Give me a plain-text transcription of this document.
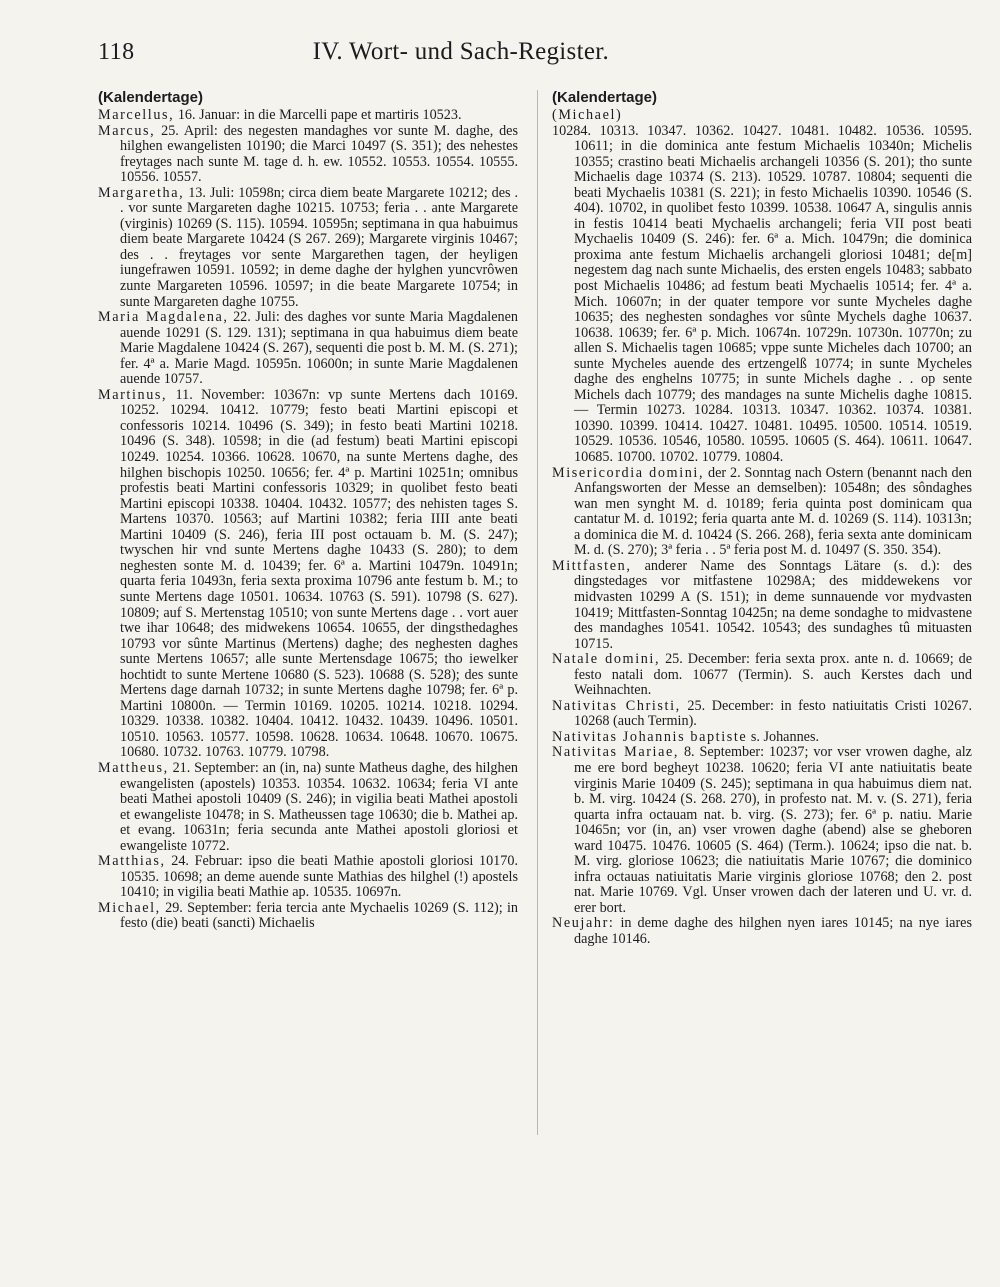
118	IV. Wort- und Sach-Register.
(Kalendertage)
Marcellus, 16. Januar: in die Marcelli pape et martiris 10523.
Marcus, 25. April: des negesten mandaghes vor sunte M. daghe, des hilghen ewangelisten 10190; die Marci 10497 (S. 351); des nehestes freytages nach sunte M. tage d. h. ew. 10552. 10553. 10554. 10555. 10556. 10557.
Margaretha, 13. Juli: 10598n; circa diem beate Margarete 10212; des . . vor sunte Margareten daghe 10215. 10753; feria . . ante Margarete (virginis) 10269 (S. 115). 10594. 10595n; septimana in qua habuimus diem beate Margarete 10424 (S 267. 269); Margarete virginis 10467; des . . freytages vor sente Margarethen tagen, der heyligen iungefrawen 10591. 10592; in deme daghe der hylghen yuncvrôwen zunte Margareten 10596. 10597; in die beate Margarete 10754; in sunte Margareten daghe 10755.
Maria Magdalena, 22. Juli: des daghes vor sunte Maria Magdalenen auende 10291 (S. 129. 131); septimana in qua habuimus diem beate Marie Magdalene 10424 (S. 267), sequenti die post b. M. M. (S. 271); fer. 4ª a. Marie Magd. 10595n. 10600n; in sunte Marie Magdalenen auende 10757.
Martinus, 11. November: 10367n: vp sunte Mertens dach 10169. 10252. 10294. 10412. 10779; festo beati Martini episcopi et confessoris 10214. 10496 (S. 349); in festo beati Martini 10218. 10496 (S. 348). 10598; in die (ad festum) beati Martini episcopi 10249. 10254. 10366. 10628. 10670, na sunte Mertens daghe, des hilghen bischopis 10250. 10656; fer. 4ª p. Martini 10251n; omnibus profestis beati Martini confessoris 10329; in quolibet festo beati Martini episcopi 10338. 10404. 10432. 10577; des nehisten tages S. Martens 10370. 10563; auf Martini 10382; feria IIII ante beati Martini 10409 (S. 246), feria III post octauam b. M. (S. 247); twyschen hir vnd sunte Mertens daghe 10433 (S. 280); to dem neghesten sonte M. d. 10439; fer. 6ª a. Martini 10479n. 10491n; quarta feria 10493n, feria sexta proxima 10796 ante festum b. M.; to sunte Mertens dage 10501. 10634. 10763 (S. 591). 10798 (S. 627). 10809; auf S. Mertenstag 10510; von sunte Mertens dage . . vort auer twe ihar 10648; des midwekens 10654. 10655, der dingsthedaghes 10793 vor sûnte Martinus (Mertens) daghe; des neghesten daghes sunte Mertens 10657; alle sunte Mertensdage 10675; tho iewelker hochtidt to sunte Mertene 10680 (S. 523). 10688 (S. 528); des sunte Mertens dage darnah 10732; in sunte Mertens daghe 10798; fer. 6ª p. Martini 10800n. — Termin 10169. 10205. 10214. 10218. 10294. 10329. 10338. 10382. 10404. 10412. 10432. 10439. 10496. 10501. 10510. 10563. 10577. 10598. 10628. 10634. 10648. 10670. 10675. 10680. 10732. 10763. 10779. 10798.
Mattheus, 21. September: an (in, na) sunte Matheus daghe, des hilghen ewangelisten (apostels) 10353. 10354. 10632. 10634; feria VI ante beati Mathei apostoli 10409 (S. 246); in vigilia beati Mathei apostoli et ewangeliste 10478; in S. Matheussen tage 10630; die b. Mathei ap. et evang. 10631n; feria secunda ante Mathei apostoli gloriosi et ewangeliste 10772.
Matthias, 24. Februar: ipso die beati Mathie apostoli gloriosi 10170. 10535. 10698; an deme auende sunte Mathias des hilghel (!) apostels 10410; in vigilia beati Mathie ap. 10535. 10697n.
Michael, 29. September: feria tercia ante Mychaelis 10269 (S. 112); in festo (die) beati (sancti) Michaelis
(Kalendertage)
(Michael)
10284. 10313. 10347. 10362. 10427. 10481. 10482. 10536. 10595. 10611; in die dominica ante festum Michaelis 10340n; Michelis 10355; crastino beati Michaelis archangeli 10356 (S. 201); tho sunte Michaelis dage 10374 (S. 213). 10529. 10787. 10804; sequenti die beati Mychaelis 10381 (S. 221); in festo Michaelis 10390. 10546 (S. 404). 10702, in quolibet festo 10399. 10538. 10647 A, singulis annis in festis 10414 beati Mychaelis archangeli; feria VII post beati Mychaelis 10409 (S. 246): fer. 6ª a. Mich. 10479n; die dominica proxima ante festum Michaelis archangeli gloriosi 10481; de[m] negestem dag nach sunte Michaelis, des ersten engels 10483; sabbato post Michaelis 10486; ad festum beati Mychaelis 10514; fer. 4ª a. Mich. 10607n; in der quater tempore vor sunte Mycheles daghe 10635; des neghesten sondaghes vor sûnte Mychels daghe 10637. 10638. 10639; fer. 6ª p. Mich. 10674n. 10729n. 10730n. 10770n; zu allen S. Michaelis tagen 10685; vppe sunte Micheles dach 10700; an sunte Mycheles auende des ertzengelß 10774; in sunte Mycheles daghe des enghelns 10775; in sunte Michels daghe . . op sente Michels dach 10779; des mandages na sunte Michelis daghe 10815. — Termin 10273. 10284. 10313. 10347. 10362. 10374. 10381. 10390. 10399. 10414. 10427. 10481. 10495. 10500. 10514. 10519. 10529. 10536. 10546, 10580. 10595. 10605 (S. 464). 10611. 10647. 10685. 10700. 10702. 10779. 10804.
Misericordia domini, der 2. Sonntag nach Ostern (benannt nach den Anfangsworten der Messe an demselben): 10548n; des sôndaghes wan men synght M. d. 10189; feria quinta post dominicam qua cantatur M. d. 10192; feria quarta ante M. d. 10269 (S. 114). 10313n; a dominica die M. d. 10424 (S. 266. 268), feria sexta ante dominicam M. d. (S. 270); 3ª feria . . 5ª feria post M. d. 10497 (S. 350. 354).
Mittfasten, anderer Name des Sonntags Lätare (s. d.): des dingstedages vor mitfastene 10298A; des middewekens vor midvasten 10299 A (S. 151); in deme sunnauende vor mydvasten 10419; Mittfasten-Sonntag 10425n; na deme sondaghe to midvastene des mandaghes 10541. 10542. 10543; des sundaghes tû mituasten 10715.
Natale domini, 25. December: feria sexta prox. ante n. d. 10669; de festo natali dom. 10677 (Termin). S. auch Kerstes dach und Weihnachten.
Nativitas Christi, 25. December: in festo natiuitatis Cristi 10267. 10268 (auch Termin).
Nativitas Johannis baptiste s. Johannes.
Nativitas Mariae, 8. September: 10237; vor vser vrowen daghe, alz me ere bord begheyt 10238. 10620; feria VI ante natiuitatis beate virginis Marie 10409 (S. 245); septimana in qua habuimus diem nat. b. M. virg. 10424 (S. 268. 270), in profesto nat. M. v. (S. 271), feria quarta infra octauam nat. b. virg. (S. 273); fer. 6ª p. natiu. Marie 10465n; vor (in, an) vser vrowen daghe (abend) alse se gheboren ward 10475. 10476. 10605 (S. 464) (Term.). 10624; ipso die nat. b. M. virg. gloriose 10623; die natiuitatis Marie 10767; die dominico infra octauas natiuitatis Marie virginis gloriose 10768; den 2. post nat. Marie 10769. Vgl. Unser vrowen dach der lateren und U. vr. d. erer bort.
Neujahr: in deme daghe des hilghen nyen iares 10145; na nye iares daghe 10146.
